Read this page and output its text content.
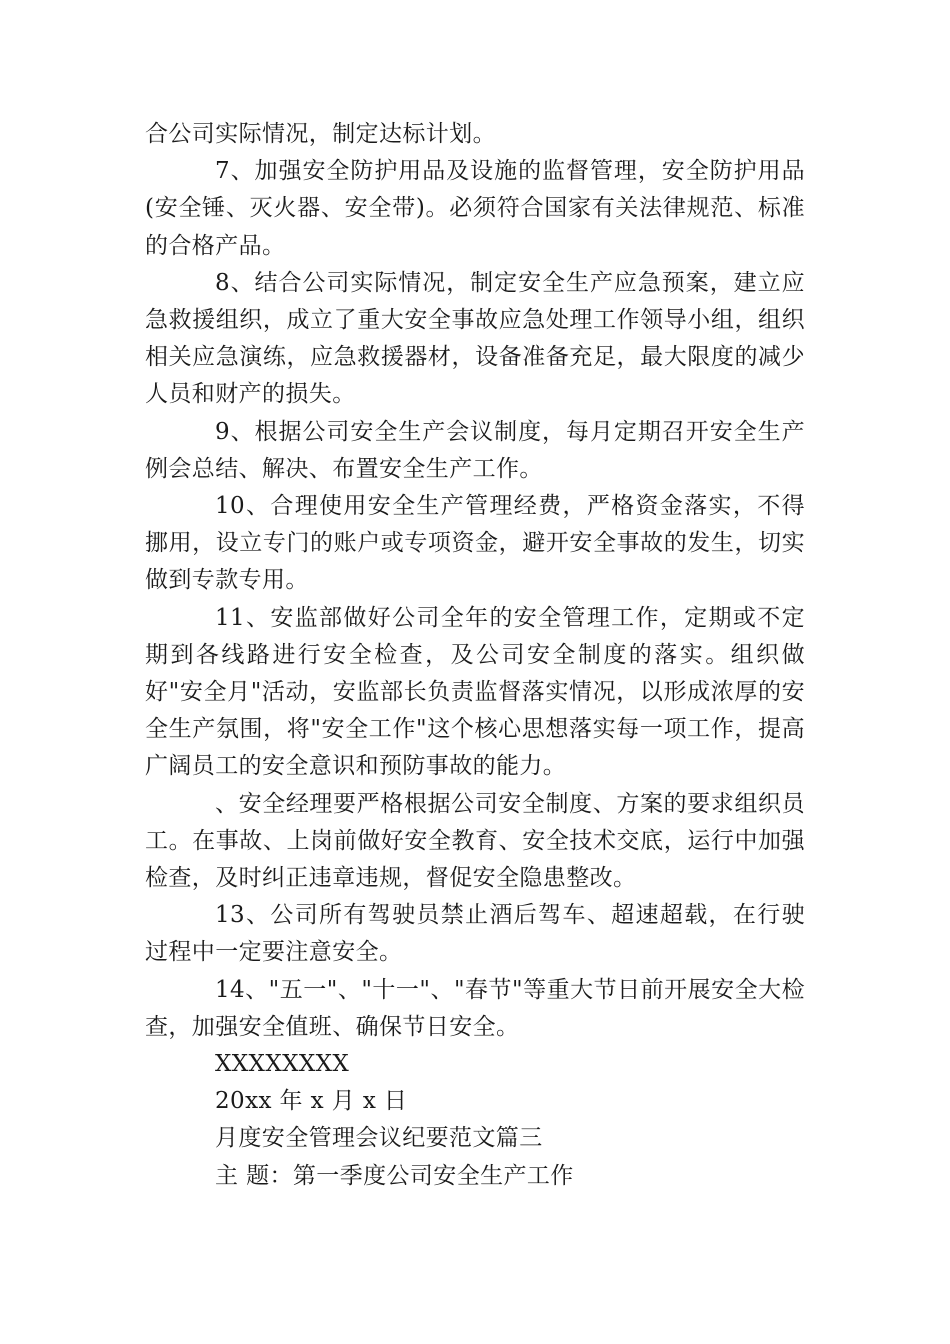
合公司实际情况，制定达标计划。

7、加强安全防护用品及设施的监督管理，安全防护用品(安全锤、灭火器、安全带)。必须符合国家有关法律规范、标准的合格产品。

8、结合公司实际情况，制定安全生产应急预案，建立应急救援组织，成立了重大安全事故应急处理工作领导小组，组织相关应急演练，应急救援器材，设备准备充足，最大限度的减少人员和财产的损失。

9、根据公司安全生产会议制度，每月定期召开安全生产例会总结、解决、布置安全生产工作。

10、合理使用安全生产管理经费，严格资金落实，不得挪用，设立专门的账户或专项资金，避开安全事故的发生，切实做到专款专用。

11、安监部做好公司全年的安全管理工作，定期或不定期到各线路进行安全检查，及公司安全制度的落实。组织做好"安全月"活动，安监部长负责监督落实情况，以形成浓厚的安全生产氛围，将"安全工作"这个核心思想落实每一项工作，提高广阔员工的安全意识和预防事故的能力。

、安全经理要严格根据公司安全制度、方案的要求组织员工。在事故、上岗前做好安全教育、安全技术交底，运行中加强检查，及时纠正违章违规，督促安全隐患整改。

13、公司所有驾驶员禁止酒后驾车、超速超载，在行驶过程中一定要注意安全。

14、"五一"、"十一"、"春节"等重大节日前开展安全大检查，加强安全值班、确保节日安全。

XXXXXXXX

20xx 年 x 月 x 日

月度安全管理会议纪要范文篇三

主 题：第一季度公司安全生产工作
